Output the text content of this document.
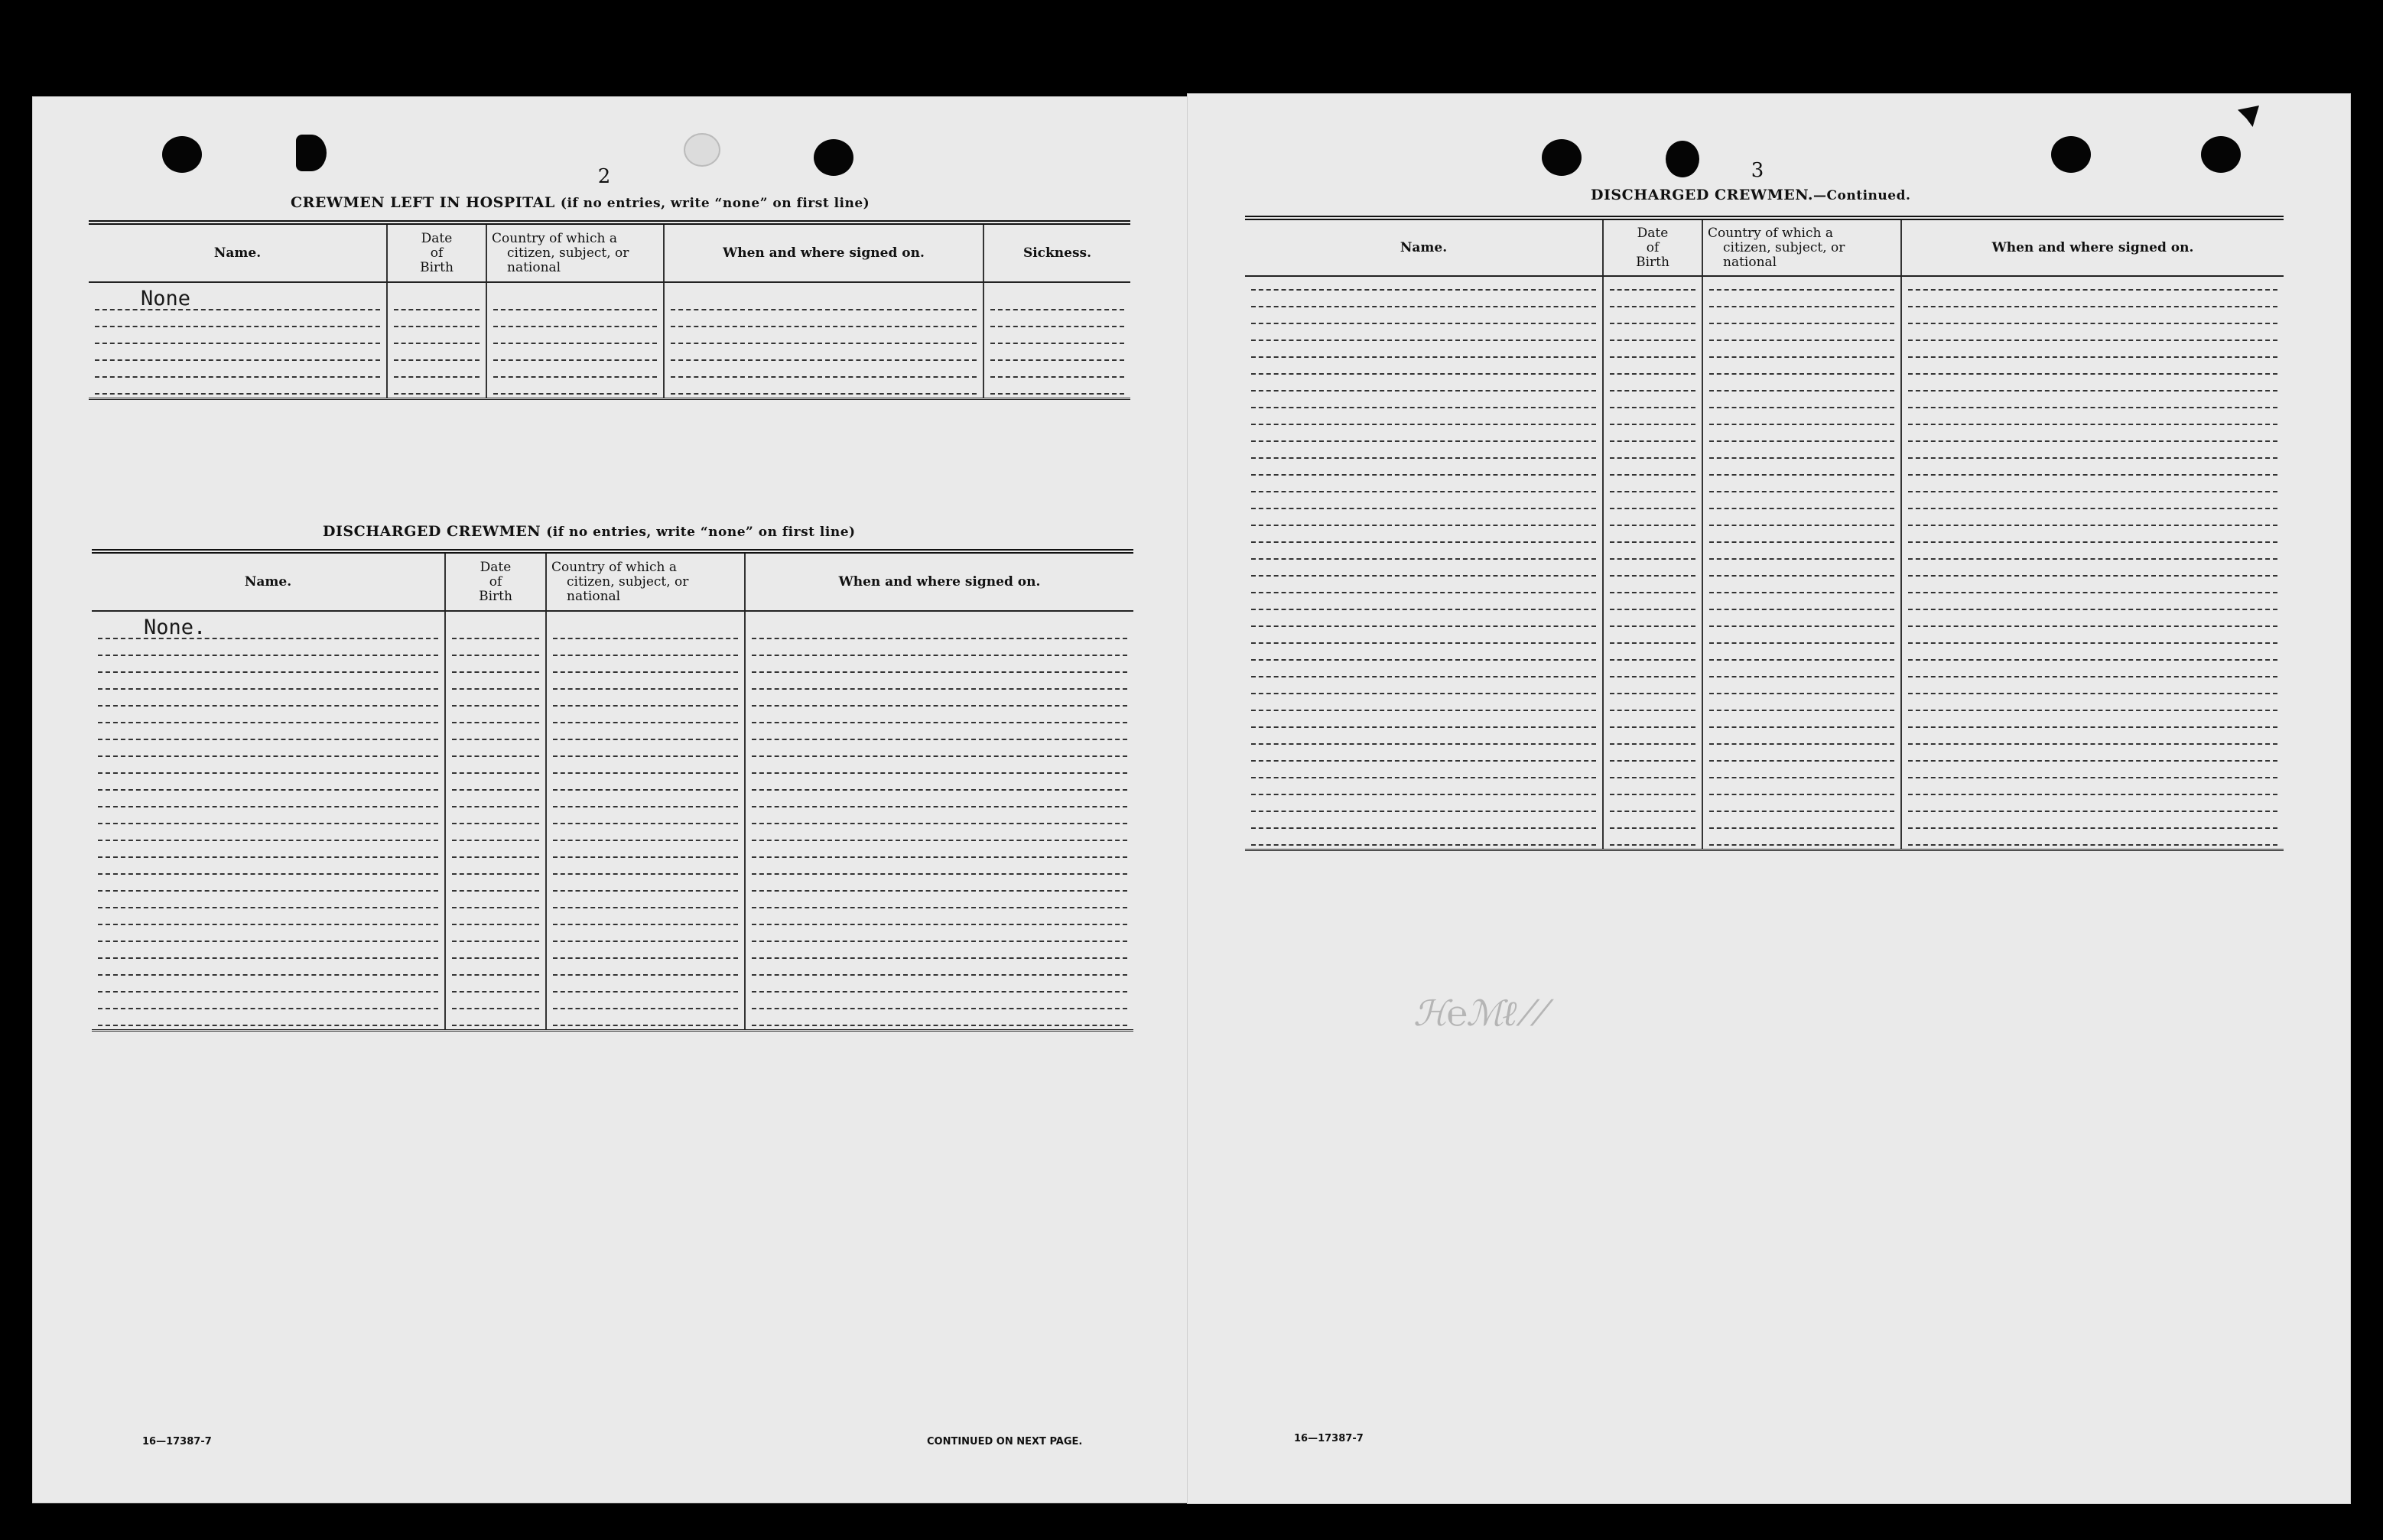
2
CREWMEN LEFT IN HOSPITAL (if no entries, write “none” on first line)
Name.	Date
of
Birth	Country of which a
citizen, subject, or
national	When and where signed on.	Sickness.

None				

DISCHARGED CREWMEN (if no entries, write “none” on first line)
Name.	Date
of
Birth	Country of which a
citizen, subject, or
national	When and where signed on.

None.			

16—17387-7	CONTINUED ON NEXT PAGE.
3
DISCHARGED CREWMEN.—Continued.
Name.	Date
of
Birth	Country of which a
citizen, subject, or
national	When and where signed on.

ℋ℮ℳℓ ⁄ ⁄
16—17387-7
